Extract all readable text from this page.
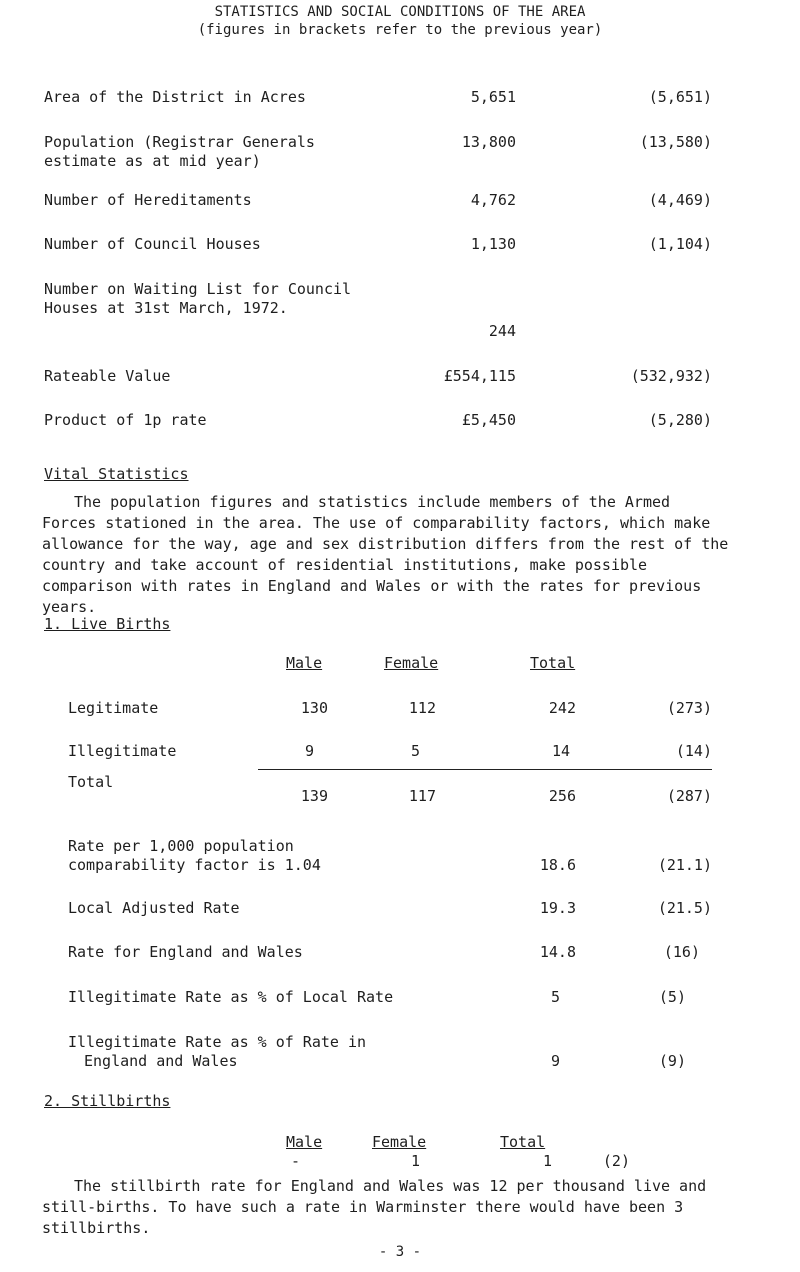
STATISTICS AND SOCIAL CONDITIONS OF THE AREA
(figures in brackets refer to the previous year)
Area of the District in Acres	5,651	(5,651)
Population (Registrar Generals
estimate as at mid year)
13,800	(13,580)
Number of Hereditaments	4,762	(4,469)
Number of Council Houses	1,130	(1,104)
Number on Waiting List for Council
Houses at 31st March, 1972.
244
Rateable Value	£554,115	(532,932)
Product of 1p rate	£5,450	(5,280)
Vital Statistics
The population figures and statistics include members of the Armed Forces stationed in the area. The use of comparability factors, which make allowance for the way, age and sex distribution differs from the rest of the country and take account of residential institutions, make possible comparison with rates in England and Wales or with the rates for previous years.
1. Live Births
Male	Female	Total
Legitimate	130	112	242	(273)
Illegitimate	9	5	14	(14)
Total
139	117	256	(287)
Rate per 1,000 population
comparability factor is 1.04	18.6	(21.1)
Local Adjusted Rate	19.3	(21.5)
Rate for England and Wales	14.8	(16)
Illegitimate Rate as % of Local Rate	5	(5)
Illegitimate Rate as % of Rate in
England and Wales	9	(9)
2. Stillbirths
Male	Female	Total
-	1	1	(2)
The stillbirth rate for England and Wales was 12 per thousand live and still-births. To have such a rate in Warminster there would have been 3 stillbirths.
- 3 -
